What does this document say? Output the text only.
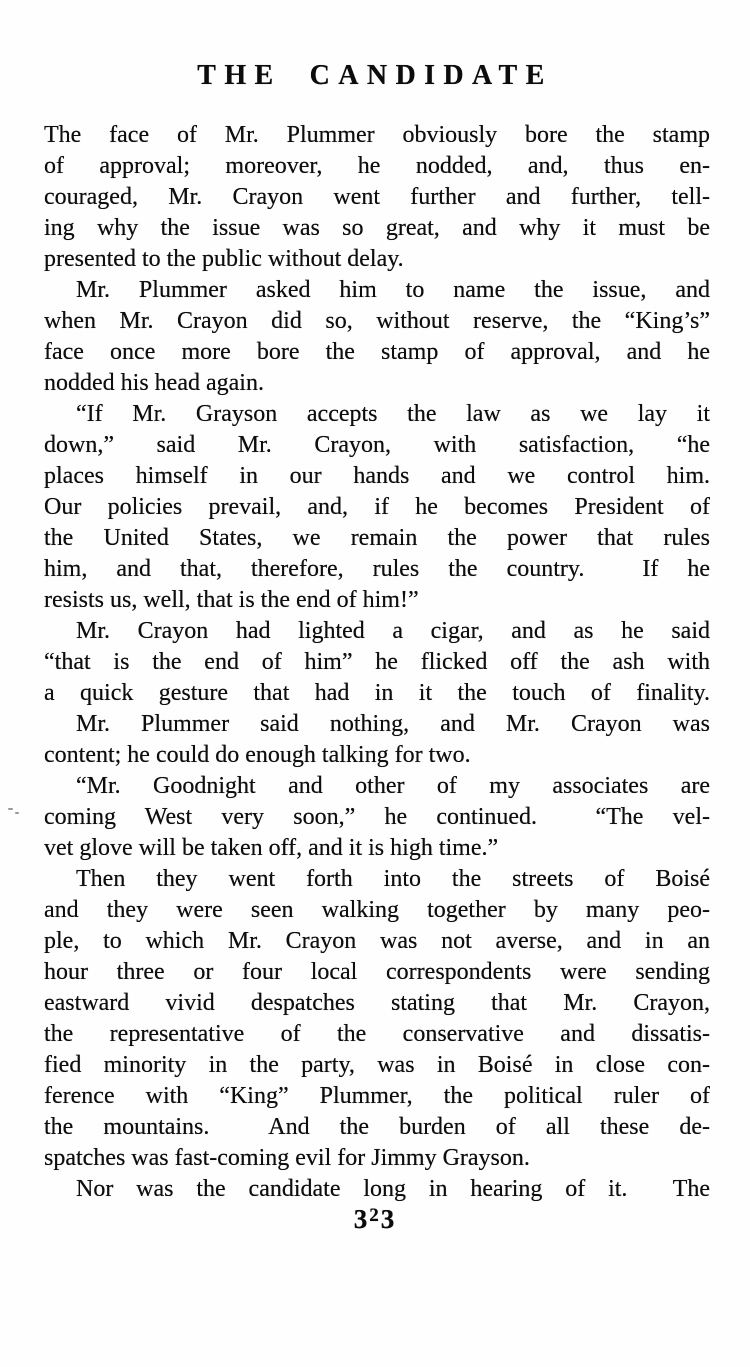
THE CANDIDATE
The face of Mr. Plummer obviously bore the stamp
of approval; moreover, he nodded, and, thus en-
couraged, Mr. Crayon went further and further, tell-
ing why the issue was so great, and why it must be
presented to the public without delay.
Mr. Plummer asked him to name the issue, and
when Mr. Crayon did so, without reserve, the “King’s”
face once more bore the stamp of approval, and he
nodded his head again.
“If Mr. Grayson accepts the law as we lay it
down,” said Mr. Crayon, with satisfaction, “he
places himself in our hands and we control him.
Our policies prevail, and, if he becomes President of
the United States, we remain the power that rules
him, and that, therefore, rules the country.  If he
resists us, well, that is the end of him!”
Mr. Crayon had lighted a cigar, and as he said
“that is the end of him” he flicked off the ash with
a quick gesture that had in it the touch of finality.
Mr. Plummer said nothing, and Mr. Crayon was
content; he could do enough talking for two.
“Mr. Goodnight and other of my associates are
coming West very soon,” he continued.  “The vel-
vet glove will be taken off, and it is high time.”
Then they went forth into the streets of Boisé
and they were seen walking together by many peo-
ple, to which Mr. Crayon was not averse, and in an
hour three or four local correspondents were sending
eastward vivid despatches stating that Mr. Crayon,
the representative of the conservative and dissatis-
fied minority in the party, was in Boisé in close con-
ference with “King” Plummer, the political ruler of
the mountains.  And the burden of all these de-
spatches was fast-coming evil for Jimmy Grayson.
Nor was the candidate long in hearing of it.  The
323
